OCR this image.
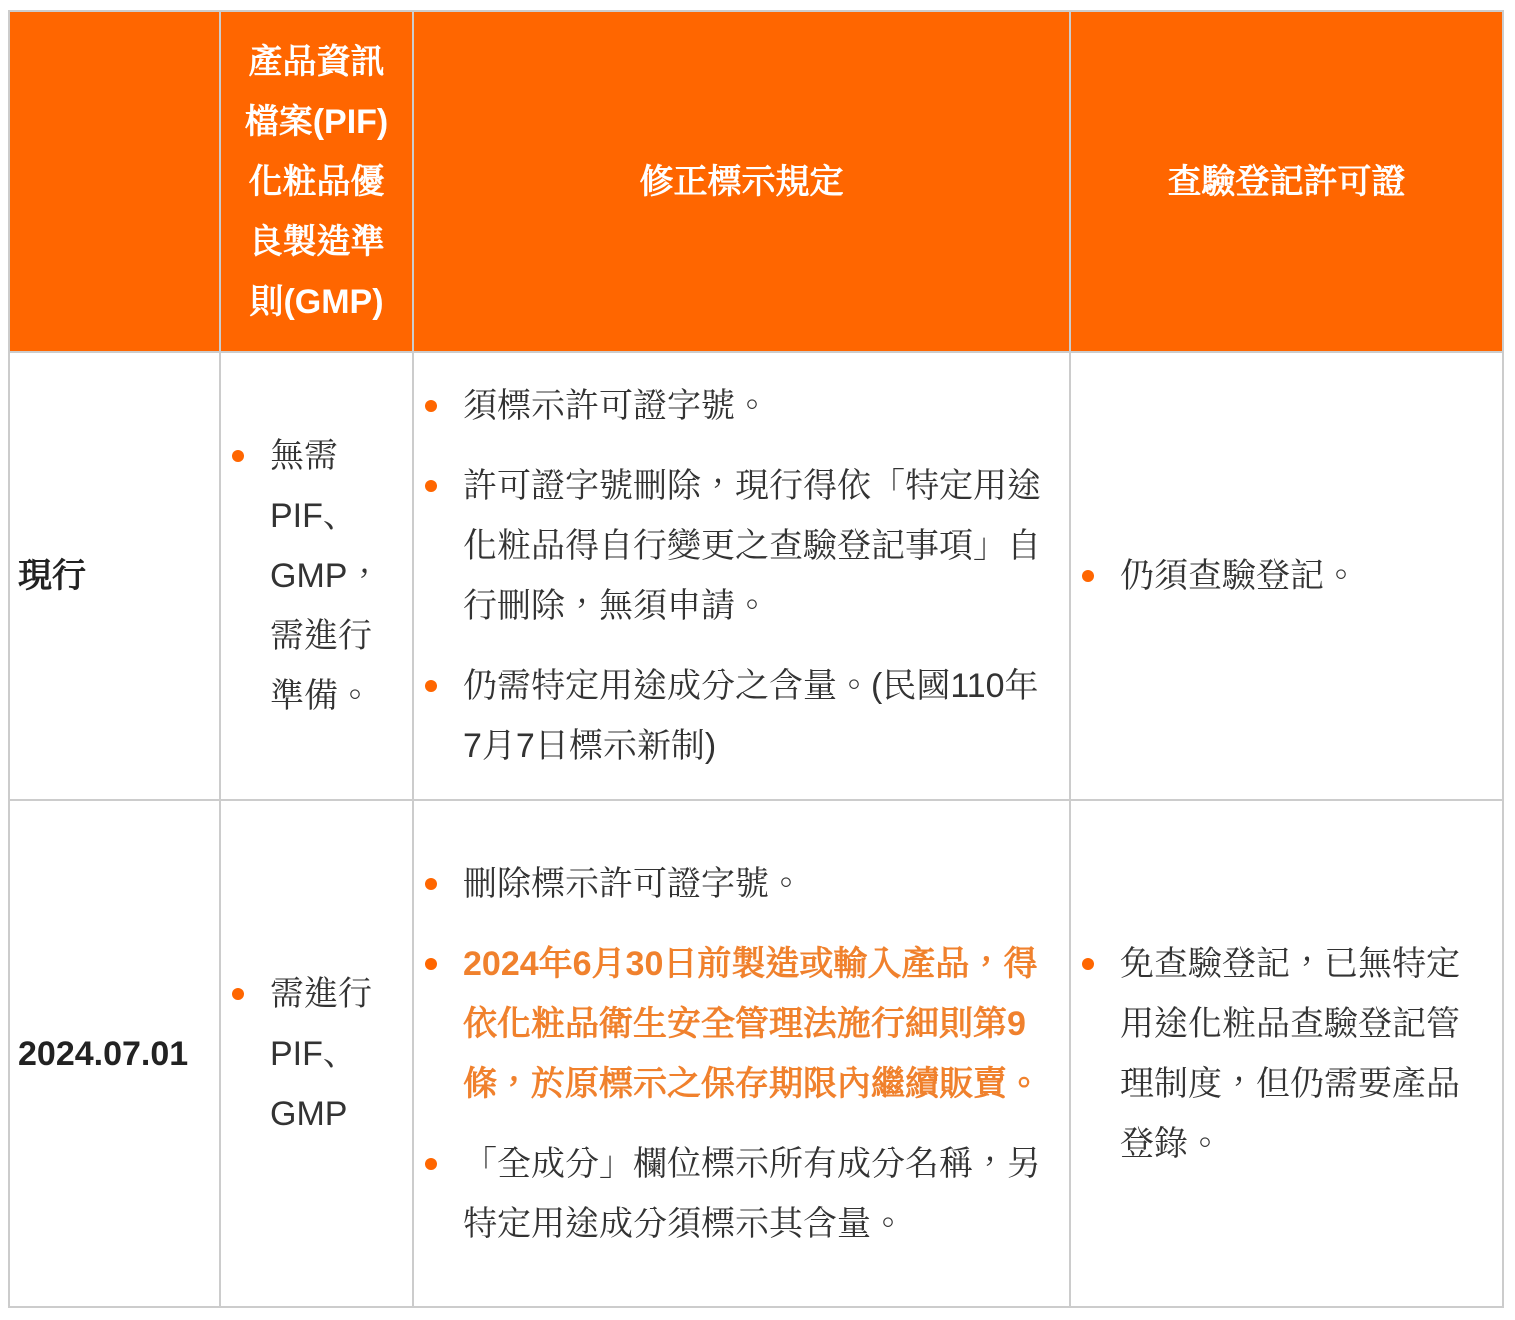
產品資訊檔案(PIF)化粧品優良製造準則(GMP)
修正標示規定	查驗登記許可證
現行
無需PIF、GMP，需進行準備。
須標示許可證字號。
許可證字號刪除，現行得依「特定用途化粧品得自行變更之查驗登記事項」自行刪除，無須申請。
仍需特定用途成分之含量。(民國110年7月7日標示新制)
仍須查驗登記。
2024.07.01
需進行PIF、GMP
刪除標示許可證字號。
2024年6月30日前製造或輸入產品，得依化粧品衛生安全管理法施行細則第9條，於原標示之保存期限內繼續販賣。
「全成分」欄位標示所有成分名稱，另特定用途成分須標示其含量。
免查驗登記，已無特定用途化粧品查驗登記管理制度，但仍需要產品登錄。
